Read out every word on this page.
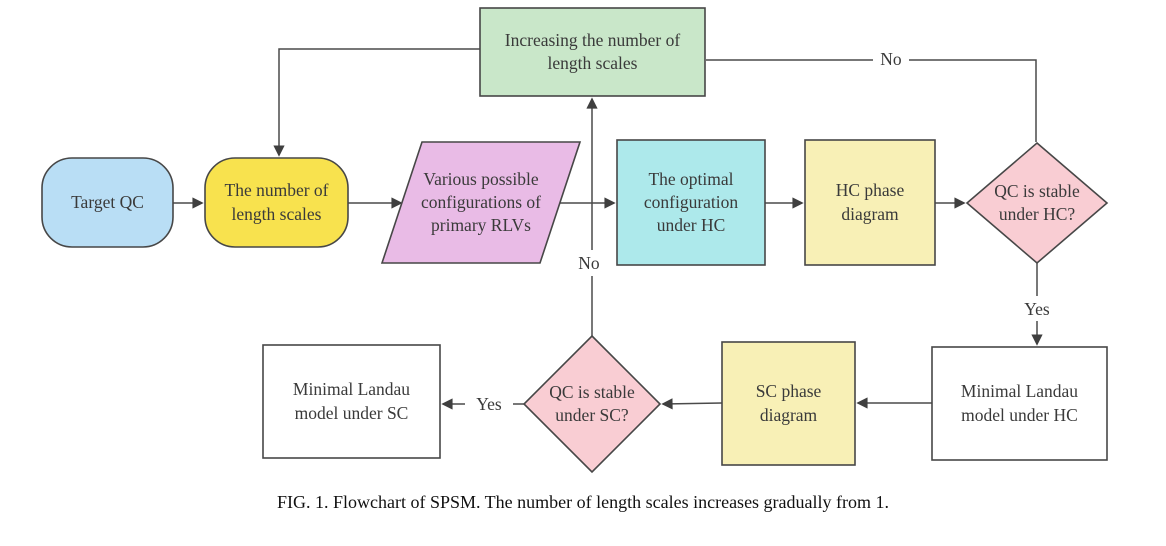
Increasing the number of
length scales
Target QC
The number of
length scales
Various possible
configurations of
primary RLVs
The optimal
configuration
under HC
HC phase
diagram
QC is stable
under HC?
Minimal Landau
model under HC
SC phase
diagram
QC is stable
under SC?
Minimal Landau
model under SC
No
Yes
Yes
No
FIG. 1. Flowchart of SPSM. The number of length scales increases gradually from 1.
